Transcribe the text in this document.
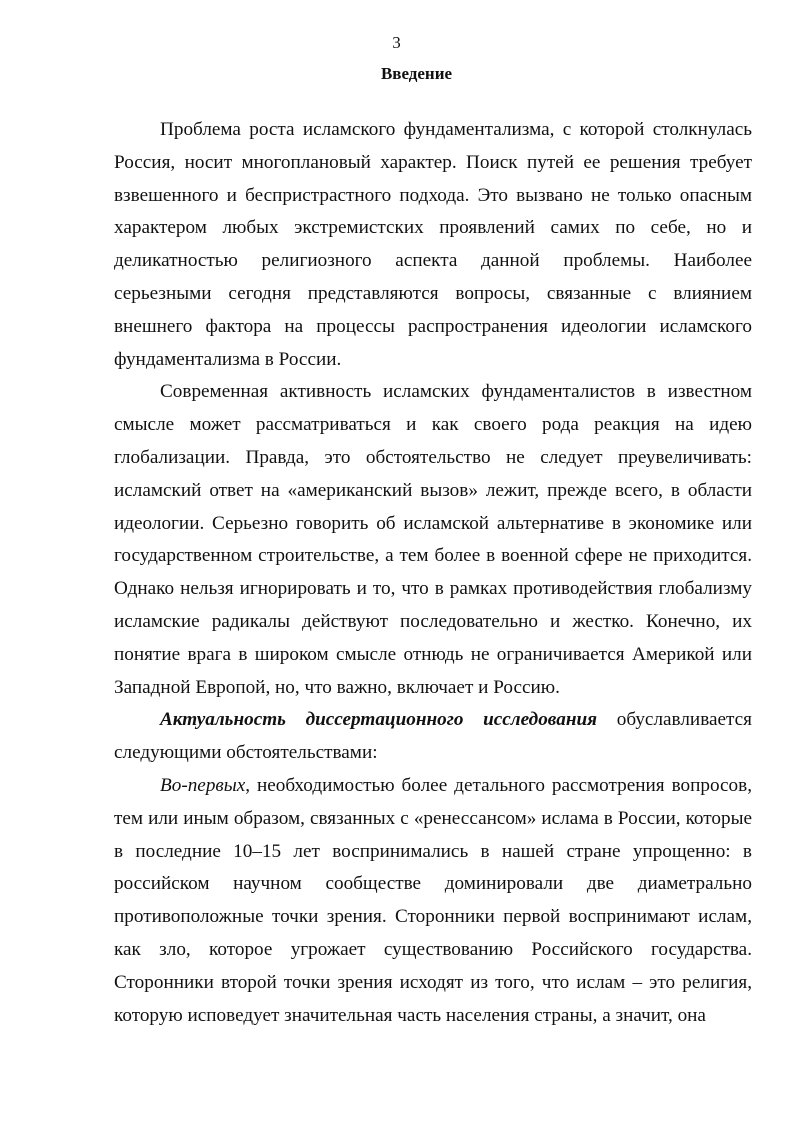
3
Введение

Проблема роста исламского фундаментализма, с которой столкнулась Россия, носит многоплановый характер. Поиск путей ее решения требует взвешенного и беспристрастного подхода. Это вызвано не только опасным характером любых экстремистских проявлений самих по себе, но и деликатностью религиозного аспекта данной проблемы. Наиболее серьезными сегодня представляются вопросы, связанные с влиянием внешнего фактора на процессы распространения идеологии исламского фундаментализма в России.

Современная активность исламских фундаменталистов в известном смысле может рассматриваться и как своего рода реакция на идею глобализации. Правда, это обстоятельство не следует преувеличивать: исламский ответ на «американский вызов» лежит, прежде всего, в области идеологии. Серьезно говорить об исламской альтернативе в экономике или государственном строительстве, а тем более в военной сфере не приходится. Однако нельзя игнорировать и то, что в рамках противодействия глобализму исламские радикалы действуют последовательно и жестко. Конечно, их понятие врага в широком смысле отнюдь не ограничивается Америкой или Западной Европой, но, что важно, включает и Россию.

Актуальность диссертационного исследования обуславливается следующими обстоятельствами:

Во-первых, необходимостью более детального рассмотрения вопросов, тем или иным образом, связанных с «ренессансом» ислама в России, которые в последние 10–15 лет воспринимались в нашей стране упрощенно: в российском научном сообществе доминировали две диаметрально противоположные точки зрения. Сторонники первой воспринимают ислам, как зло, которое угрожает существованию Российского государства. Сторонники второй точки зрения исходят из того, что ислам – это религия, которую исповедует значительная часть населения страны, а значит, она
